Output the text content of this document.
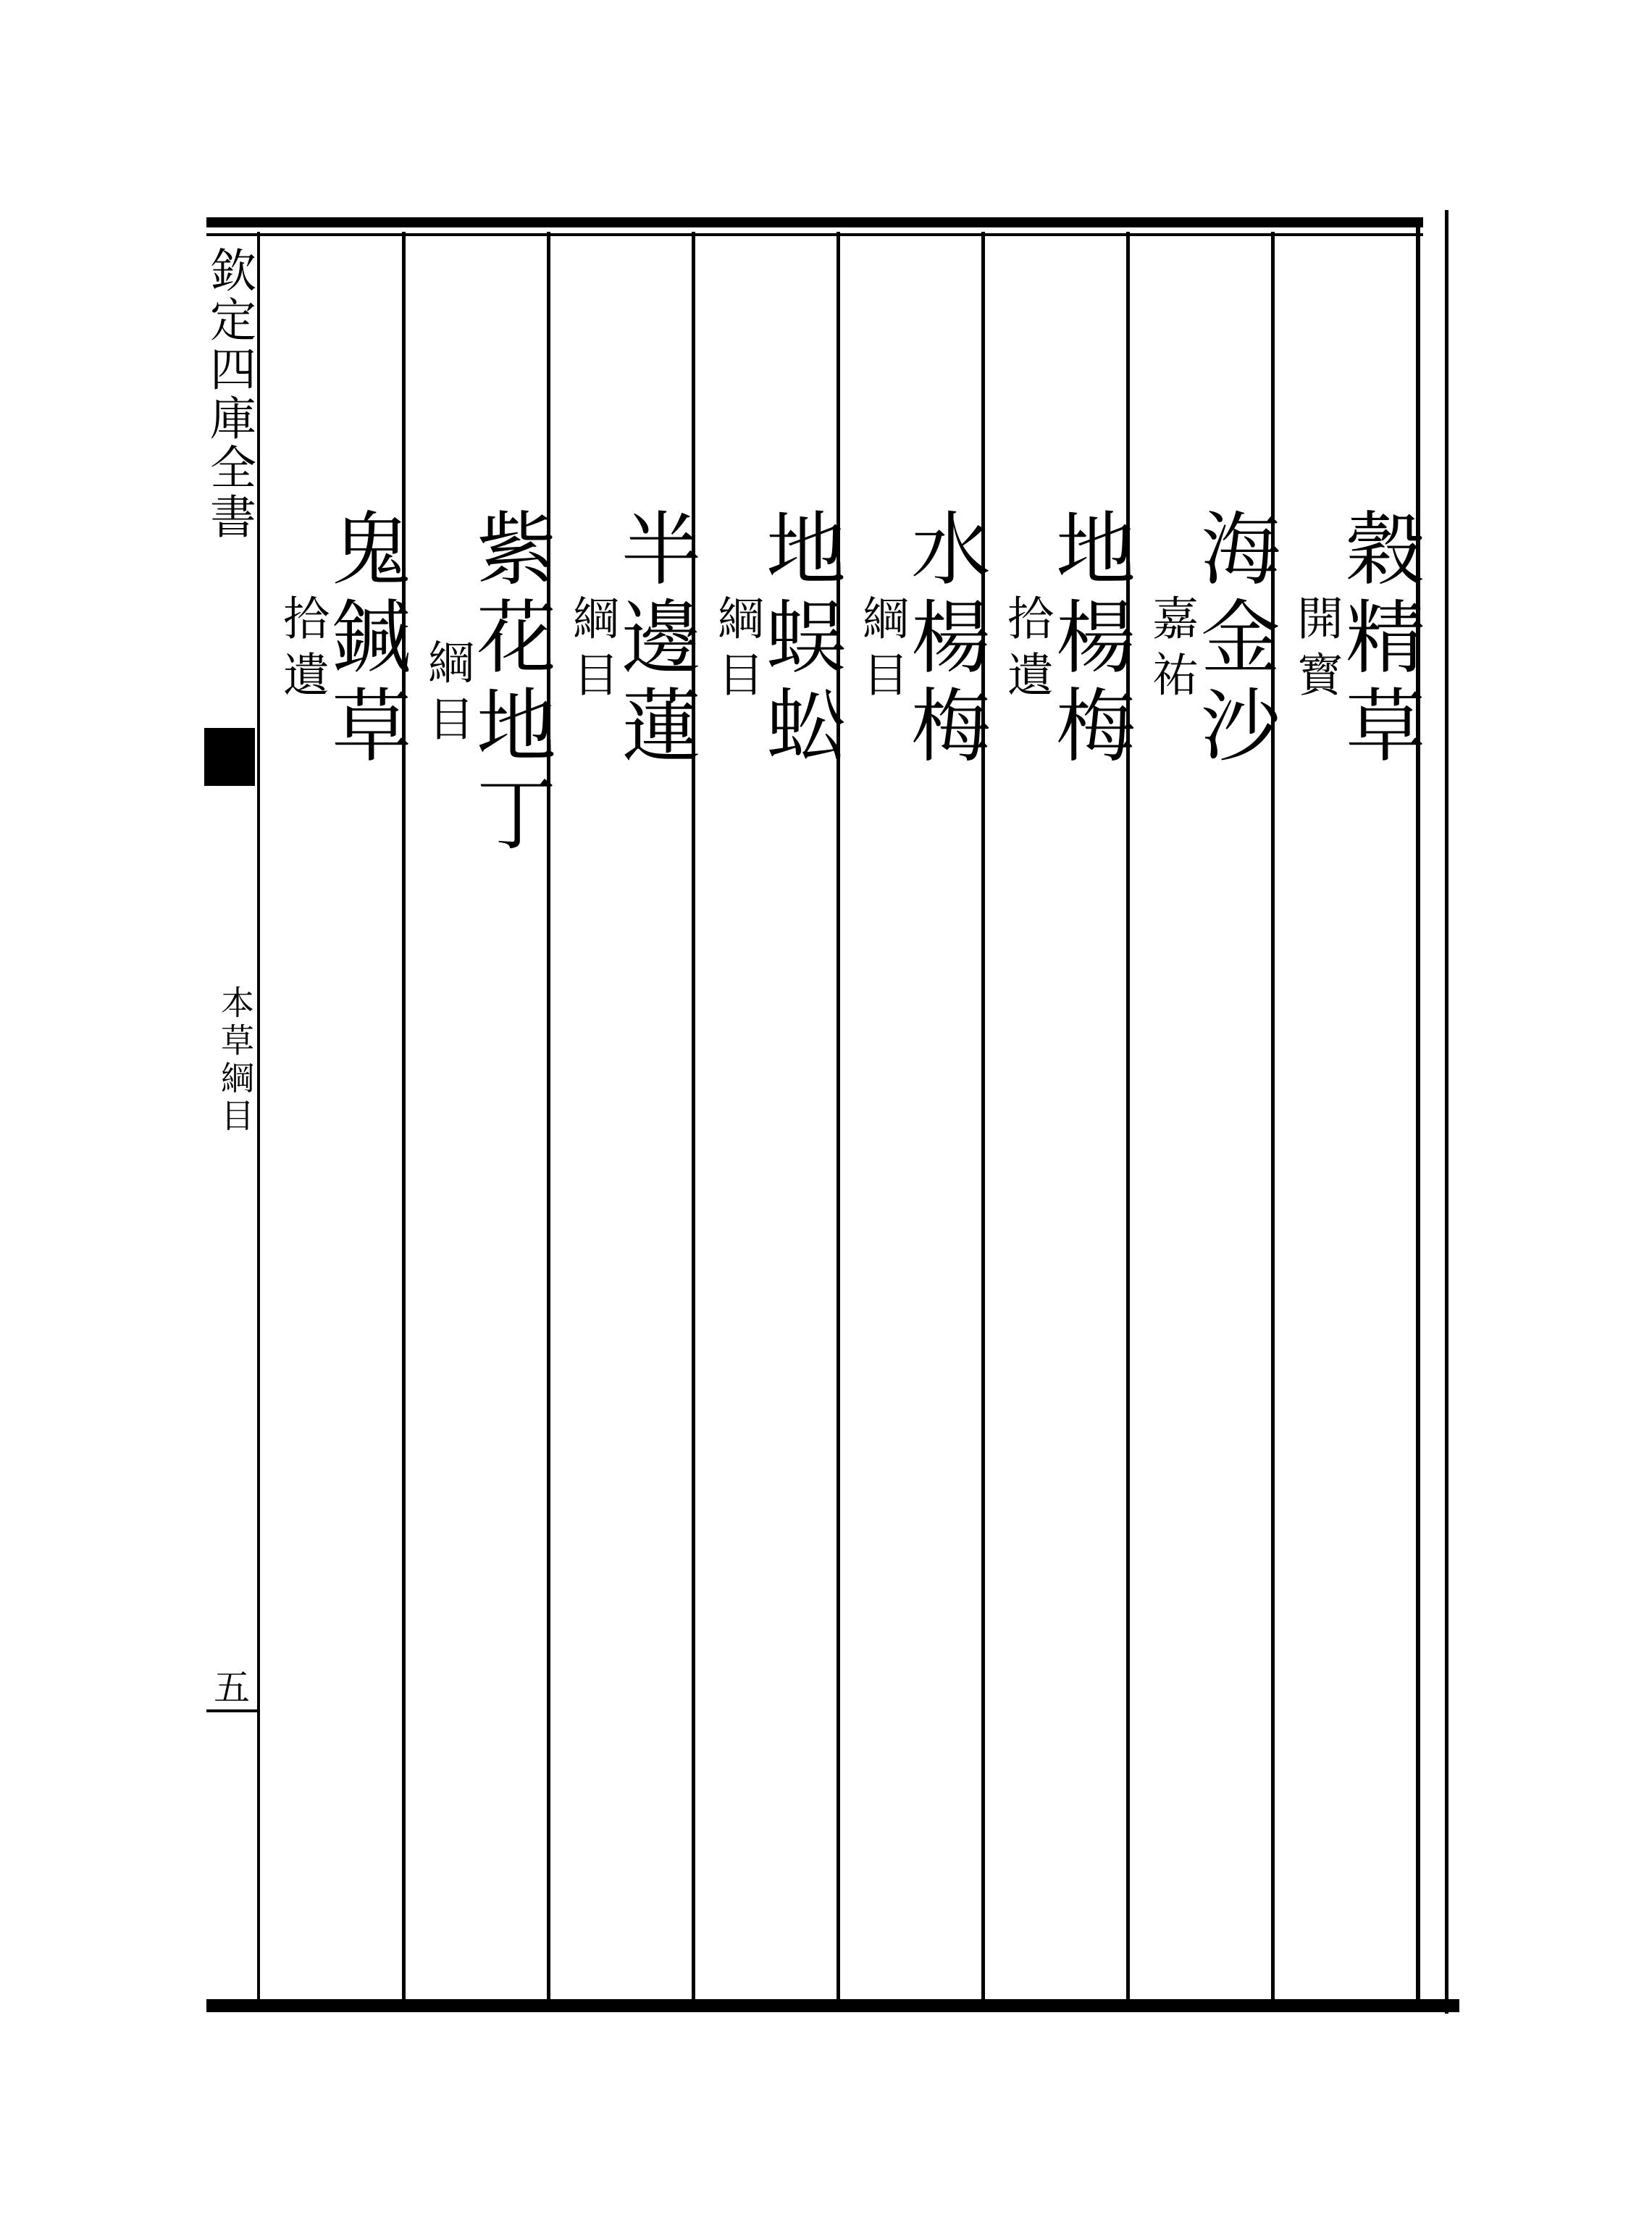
欽定四庫全書
本草綱目
五
穀精草
開寳
海金沙
嘉祐
地楊梅
拾遺
水楊梅
綱目
地蜈蚣
綱目
半邊蓮
綱目
紫花地丁
綱目
鬼鍼草
拾遺
